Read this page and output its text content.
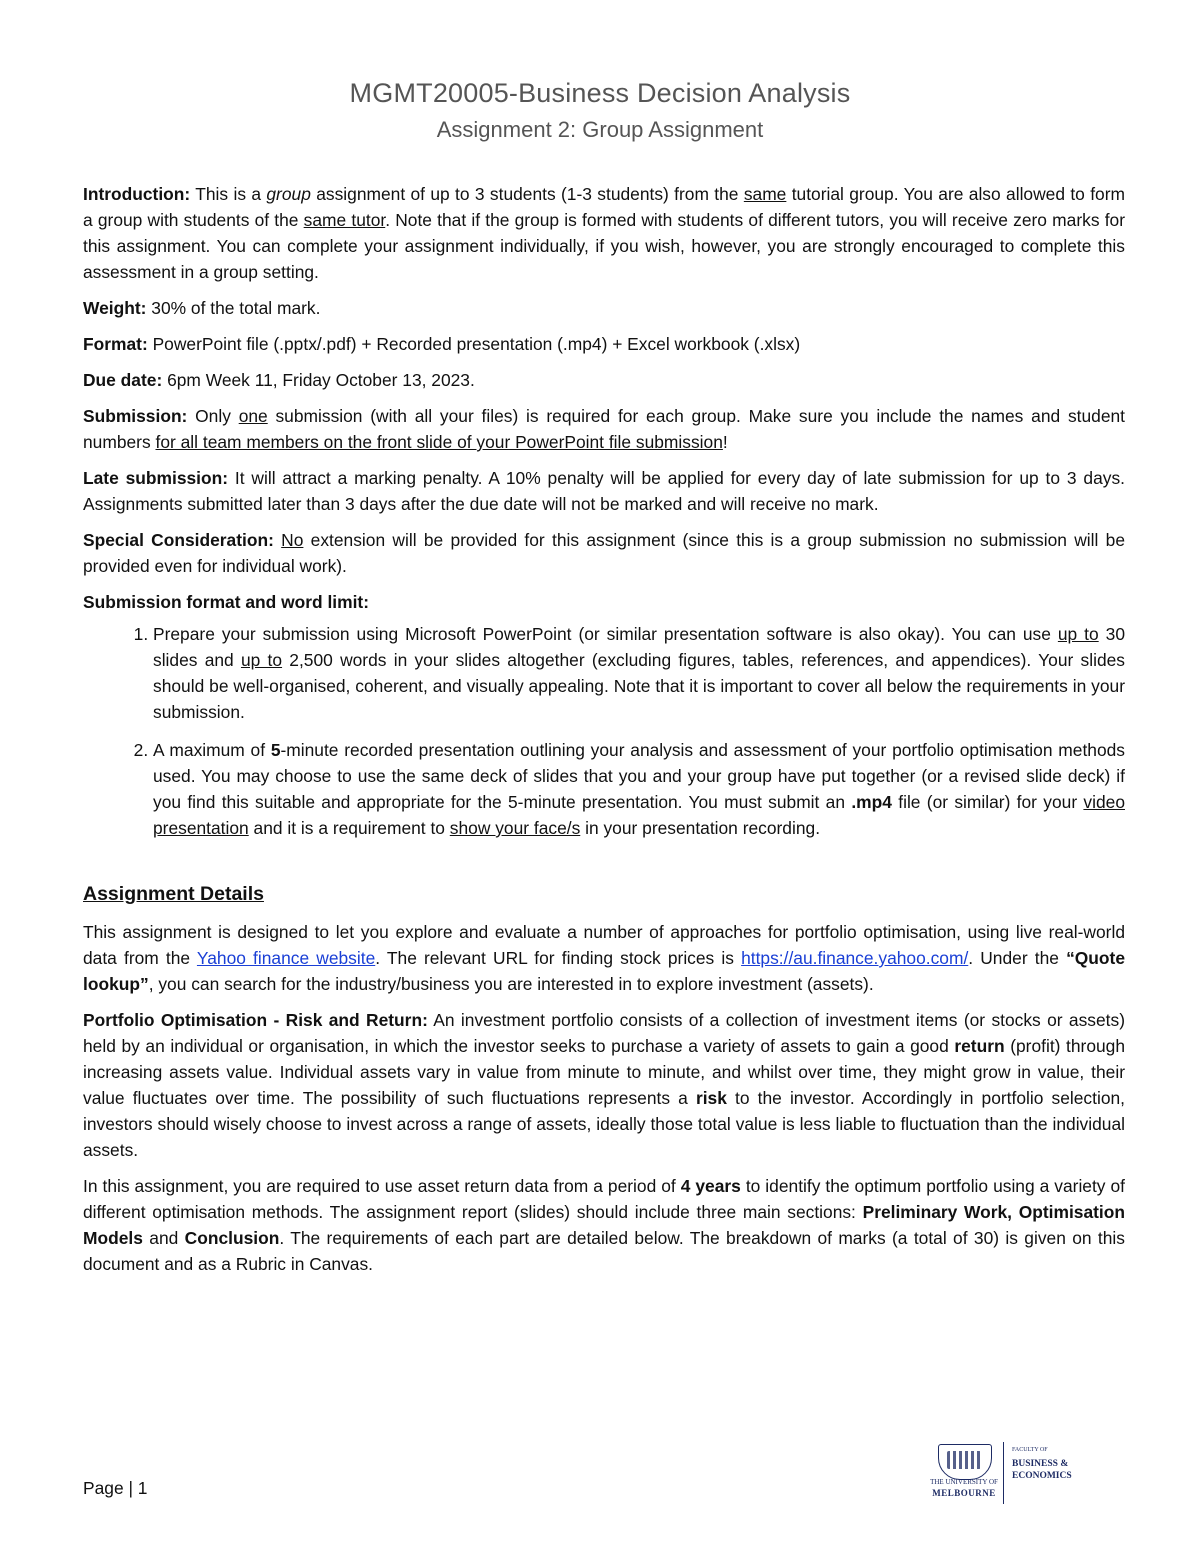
MGMT20005-Business Decision Analysis
Assignment 2: Group Assignment

Introduction: This is a group assignment of up to 3 students (1-3 students) from the same tutorial group. You are also allowed to form a group with students of the same tutor. Note that if the group is formed with students of different tutors, you will receive zero marks for this assignment. You can complete your assignment individually, if you wish, however, you are strongly encouraged to complete this assessment in a group setting.

Weight: 30% of the total mark.

Format: PowerPoint file (.pptx/.pdf) + Recorded presentation (.mp4) + Excel workbook (.xlsx)

Due date: 6pm Week 11, Friday October 13, 2023.

Submission: Only one submission (with all your files) is required for each group. Make sure you include the names and student numbers for all team members on the front slide of your PowerPoint file submission!

Late submission: It will attract a marking penalty. A 10% penalty will be applied for every day of late submission for up to 3 days. Assignments submitted later than 3 days after the due date will not be marked and will receive no mark.

Special Consideration: No extension will be provided for this assignment (since this is a group submission no submission will be provided even for individual work).

Submission format and word limit:

1. Prepare your submission using Microsoft PowerPoint (or similar presentation software is also okay). You can use up to 30 slides and up to 2,500 words in your slides altogether (excluding figures, tables, references, and appendices). Your slides should be well-organised, coherent, and visually appealing. Note that it is important to cover all below the requirements in your submission.
2. A maximum of 5-minute recorded presentation outlining your analysis and assessment of your portfolio optimisation methods used. You may choose to use the same deck of slides that you and your group have put together (or a revised slide deck) if you find this suitable and appropriate for the 5-minute presentation. You must submit an .mp4 file (or similar) for your video presentation and it is a requirement to show your face/s in your presentation recording.
Assignment Details

This assignment is designed to let you explore and evaluate a number of approaches for portfolio optimisation, using live real-world data from the Yahoo finance website. The relevant URL for finding stock prices is https://au.finance.yahoo.com/. Under the “Quote lookup”, you can search for the industry/business you are interested in to explore investment (assets).

Portfolio Optimisation - Risk and Return: An investment portfolio consists of a collection of investment items (or stocks or assets) held by an individual or organisation, in which the investor seeks to purchase a variety of assets to gain a good return (profit) through increasing assets value. Individual assets vary in value from minute to minute, and whilst over time, they might grow in value, their value fluctuates over time. The possibility of such fluctuations represents a risk to the investor. Accordingly in portfolio selection, investors should wisely choose to invest across a range of assets, ideally those total value is less liable to fluctuation than the individual assets.

In this assignment, you are required to use asset return data from a period of 4 years to identify the optimum portfolio using a variety of different optimisation methods. The assignment report (slides) should include three main sections: Preliminary Work, Optimisation Models and Conclusion. The requirements of each part are detailed below. The breakdown of marks (a total of 30) is given on this document and as a Rubric in Canvas.

Page | 1	THE UNIVERSITY OF
MELBOURNE
FACULTY OF
BUSINESS &
ECONOMICS
